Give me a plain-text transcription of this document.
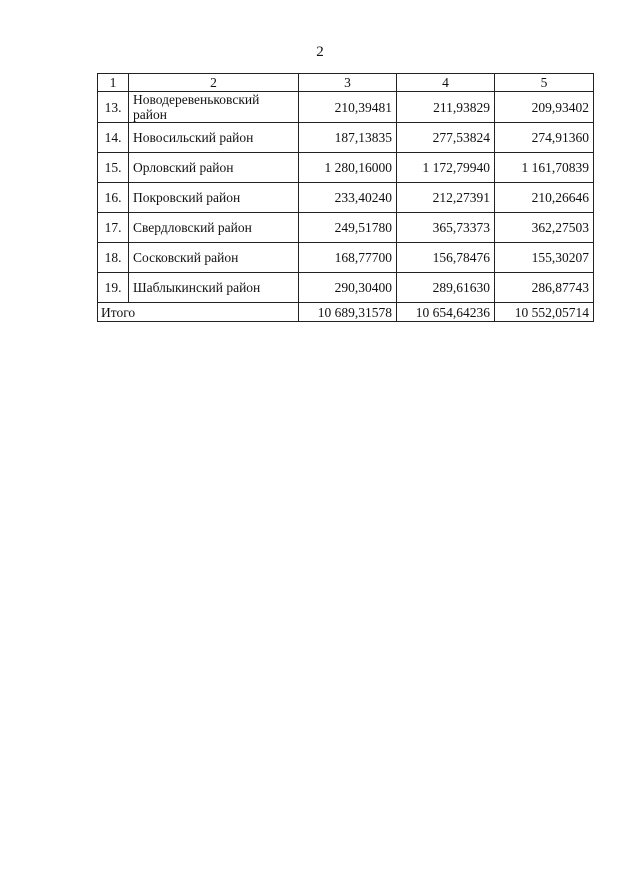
2
1	2	3	4	5
13.	Новодеревеньковский район	210,39481	211,93829	209,93402
14.	Новосильский район	187,13835	277,53824	274,91360
15.	Орловский район	1 280,16000	1 172,79940	1 161,70839
16.	Покровский район	233,40240	212,27391	210,26646
17.	Свердловский район	249,51780	365,73373	362,27503
18.	Сосковский район	168,77700	156,78476	155,30207
19.	Шаблыкинский район	290,30400	289,61630	286,87743
Итого		10 689,31578	10 654,64236	10 552,05714
